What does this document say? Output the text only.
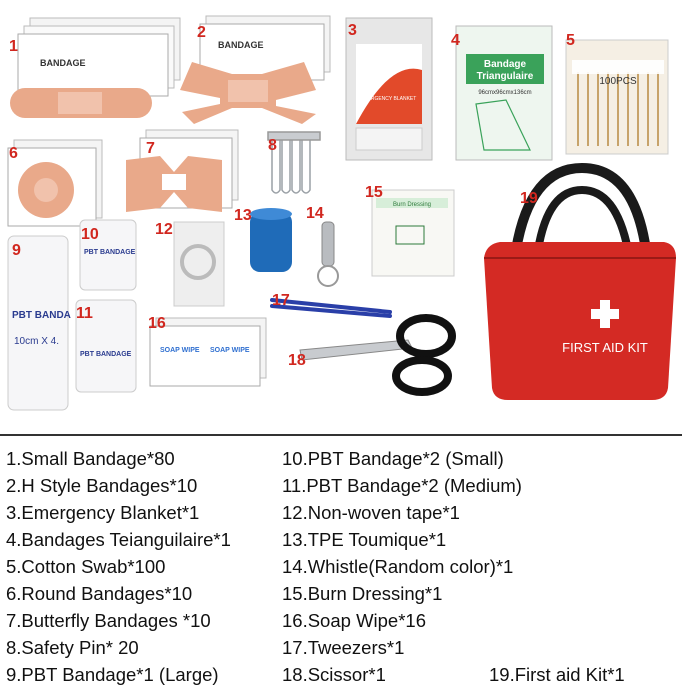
BANDAGE
BANDAGE
EMERGENCY BLANKET
Bandage
Triangulaire
96cmx96cmx136cm
100PCS
PBT BANDA
10cm X 4.
PBT BANDAGE
PBT BANDAGE
Burn Dressing
SOAP WIPE SOAP WIPE	FIRST AID KIT
1
2	3
4	5
6	7	8
9
10
11
12
13	14
15
16
17
18
19
1.Small Bandage*80
2.H Style Bandages*10
3.Emergency Blanket*1
4.Bandages Teianguilaire*1
5.Cotton Swab*100
6.Round Bandages*10
7.Butterfly Bandages *10
8.Safety Pin* 20
9.PBT Bandage*1 (Large)
10.PBT Bandage*2 (Small)
11.PBT Bandage*2 (Medium)
12.Non-woven tape*1
13.TPE Toumique*1
14.Whistle(Random color)*1
15.Burn Dressing*1
16.Soap Wipe*16
17.Tweezers*1
18.Scissor*1	19.First aid Kit*1
